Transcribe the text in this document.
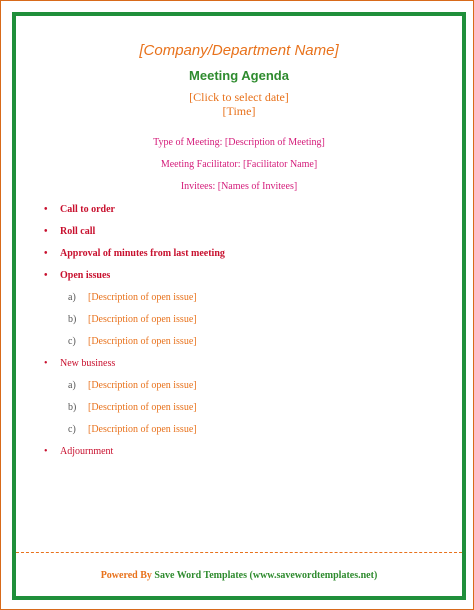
[Company/Department Name]
Meeting Agenda
[Click to select date]
[Time]
Type of Meeting: [Description of Meeting]
Meeting Facilitator: [Facilitator Name]
Invitees: [Names of Invitees]
• Call to order
• Roll call
• Approval of minutes from last meeting
• Open issues
a) [Description of open issue]
b) [Description of open issue]
c) [Description of open issue]
• New business
a) [Description of open issue]
b) [Description of open issue]
c) [Description of open issue]
• Adjournment
Powered By Save Word Templates (www.savewordtemplates.net)
